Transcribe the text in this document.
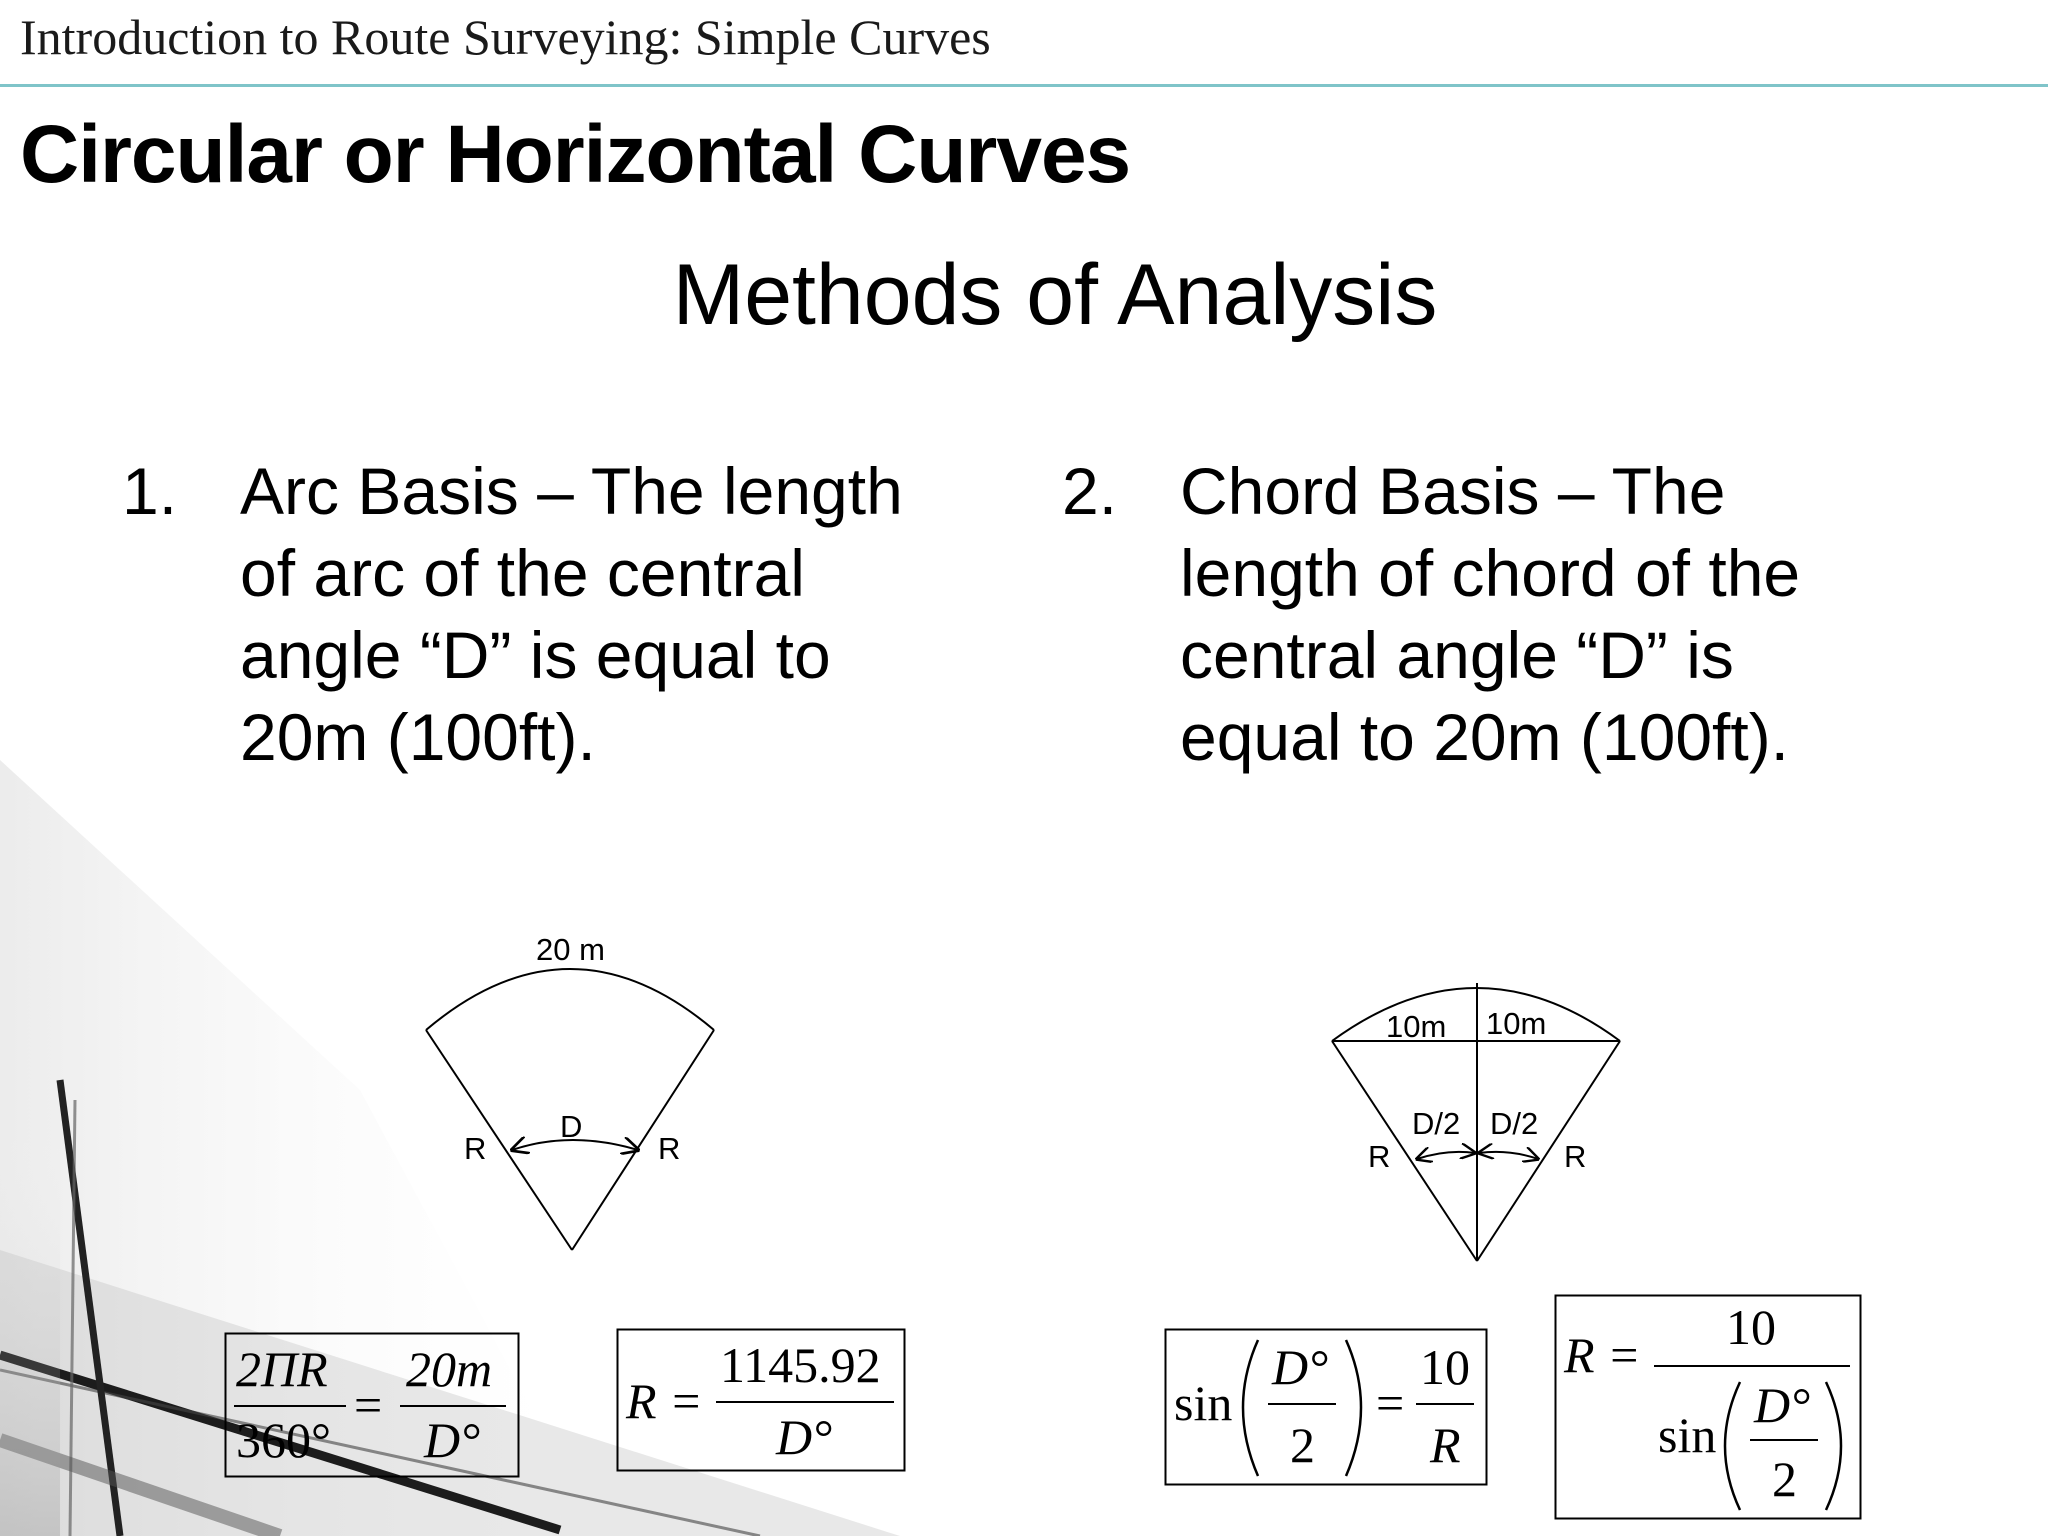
Introduction to Route Surveying: Simple Curves
Circular or Horizontal Curves
Methods of Analysis
1. Arc Basis – The length
of arc of the central
angle “D” is equal to
20m (100ft).
2. Chord Basis – The
length of chord of the
central angle “D” is
equal to 20m (100ft).
20 m
D
R	R
10m 10m
D/2 D/2
R	R
2ΠR
360°
=
20m
D°
R =
1145.92
D°
sin
D°
2
=
10
R
R = 10
sin
D°
2
